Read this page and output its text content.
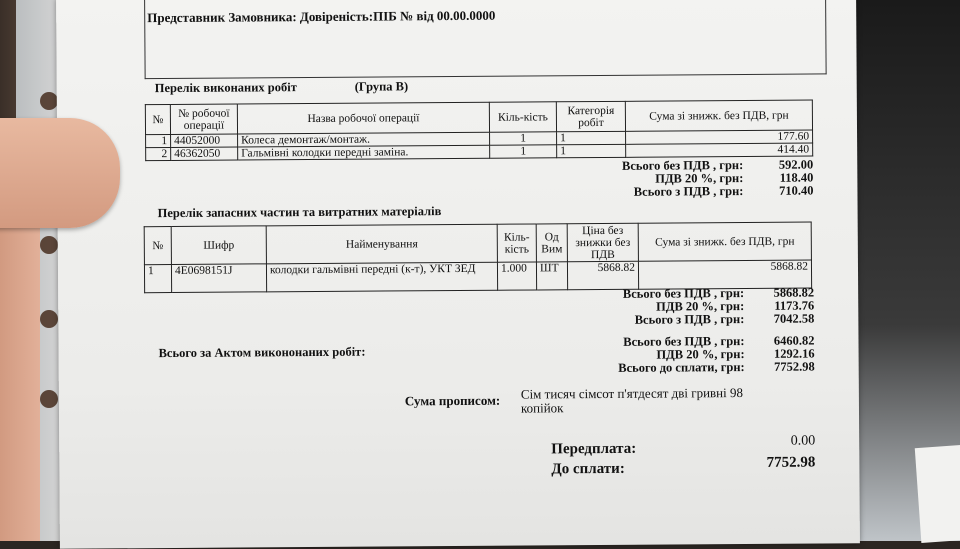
Представник Замовника: Довіреність:ПІБ № від 00.00.0000
Перелік виконаних робіт	(Група В)
№	№ робочої операції	Назва робочої операції	Кіль-кість	Категорія робіт	Сума зі знижк. без ПДВ, грн
1	44052000	Колеса демонтаж/монтаж.	1	1	177.60
2	46362050	Гальмівні колодки передні заміна.	1	1	414.40
Всього без ПДВ , грн:	592.00
ПДВ 20 %, грн:	118.40
Всього з ПДВ , грн:	710.40
Перелік запасних частин та витратних матеріалів
№	Шифр	Найменування	Кіль-кість	Од Вим	Ціна без знижки без ПДВ	Сума зі знижк. без ПДВ, грн
1	4E0698151J	колодки гальмівні передні (к-т), УКТ ЗЕД	1.000	ШТ	5868.82	5868.82
Всього без ПДВ , грн:	5868.82
ПДВ 20 %, грн:	1173.76
Всього з ПДВ , грн:	7042.58
Всього за Актом викононаних робіт:
Всього без ПДВ , грн:	6460.82
ПДВ 20 %, грн:	1292.16
Всього до сплати, грн:	7752.98
Сума прописом: Сім тисяч сімсот п'ятдесят дві гривні 98
копійок
Передплата:	0.00
До сплати:	7752.98
